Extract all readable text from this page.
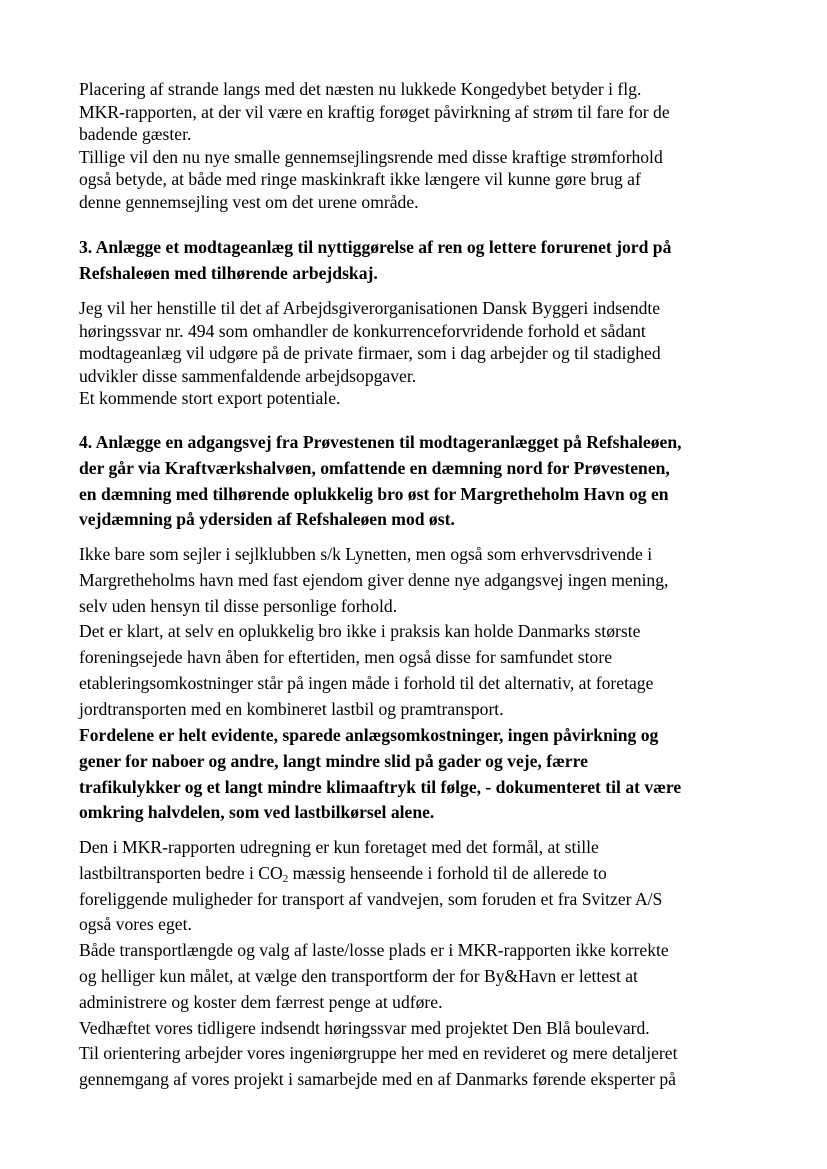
Placering af strande langs med det næsten nu lukkede Kongedybet betyder i flg.
MKR-rapporten, at der vil være en kraftig forøget påvirkning af strøm til fare for de
badende gæster.
Tillige vil den nu nye smalle gennemsejlingsrende med disse kraftige strømforhold
også betyde, at både med ringe maskinkraft ikke længere vil kunne gøre brug af
denne gennemsejling vest om det urene område.
3. Anlægge et modtageanlæg til nyttiggørelse af ren og lettere forurenet jord på
Refshaleøen med tilhørende arbejdskaj.
Jeg vil her henstille til det af Arbejdsgiverorganisationen Dansk Byggeri indsendte
høringssvar nr. 494 som omhandler de konkurrenceforvridende forhold et sådant
modtageanlæg vil udgøre på de private firmaer, som i dag arbejder og til stadighed
udvikler disse sammenfaldende arbejdsopgaver.
Et kommende stort export potentiale.
4. Anlægge en adgangsvej fra Prøvestenen til modtageranlægget på Refshaleøen,
der går via Kraftværkshalvøen, omfattende en dæmning nord for Prøvestenen,
en dæmning med tilhørende oplukkelig bro øst for Margretheholm Havn og en
vejdæmning på ydersiden af Refshaleøen mod øst.
Ikke bare som sejler i sejlklubben s/k Lynetten, men også som erhvervsdrivende i
Margretheholms havn med fast ejendom giver denne nye adgangsvej ingen mening,
selv uden hensyn til disse personlige forhold.
Det er klart, at selv en oplukkelig bro ikke i praksis kan holde Danmarks største
foreningsejede havn åben for eftertiden, men også disse for samfundet store
etableringsomkostninger står på ingen måde i forhold til det alternativ, at foretage
jordtransporten med en kombineret lastbil og pramtransport.
Fordelene er helt evidente, sparede anlægsomkostninger, ingen påvirkning og
gener for naboer og andre, langt mindre slid på gader og veje, færre
trafikulykker og et langt mindre klimaaftryk til følge, - dokumenteret til at være
omkring halvdelen, som ved lastbilkørsel alene.
Den i MKR-rapporten udregning er kun foretaget med det formål, at stille
lastbiltransporten bedre i $CO_2$ mæssig henseende i forhold til de allerede to
foreliggende muligheder for transport af vandvejen, som foruden et fra Svitzer A/S
også vores eget.
Både transportlængde og valg af laste/losse plads er i MKR-rapporten ikke korrekte
og helliger kun målet, at vælge den transportform der for By&Havn er lettest at
administrere og koster dem færrest penge at udføre.
Vedhæftet vores tidligere indsendt høringssvar med projektet Den Blå boulevard.
Til orientering arbejder vores ingeniørgruppe her med en revideret og mere detaljeret
gennemgang af vores projekt i samarbejde med en af Danmarks førende eksperter på
